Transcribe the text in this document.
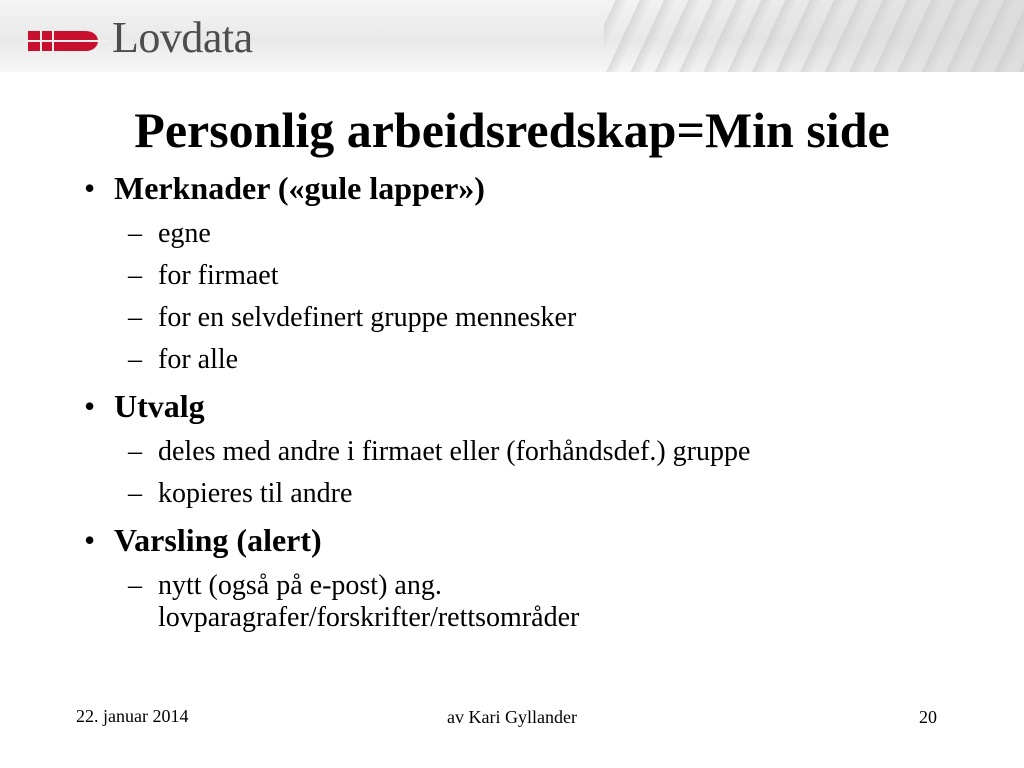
Lovdata
Personlig arbeidsredskap=Min side
• Merknader («gule lapper»)
– egne
– for firmaet
– for en selvdefinert gruppe mennesker
– for alle
• Utvalg
– deles med andre i firmaet eller (forhåndsdef.) gruppe
– kopieres til andre
• Varsling (alert)
– nytt (også på e-post) ang. lovparagrafer/forskrifter/rettsområder
22. januar 2014	av Kari Gyllander	20
